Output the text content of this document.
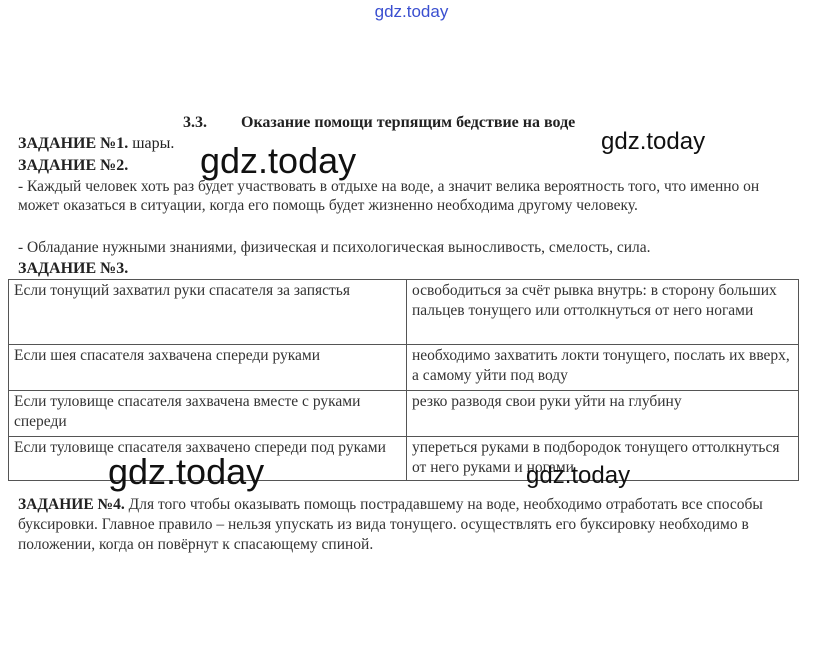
gdz.today
gdz.today	gdz.today
gdz.today	gdz.today
3.3. Оказание помощи терпящим бедствие на воде
ЗАДАНИЕ №1. шары.
ЗАДАНИЕ №2.
- Каждый человек хоть раз будет участвовать в отдыхе на воде, а значит велика вероятность того, что именно он может оказаться в ситуации, когда его помощь будет жизненно необходима другому человеку.
- Обладание нужными знаниями, физическая и психологическая выносливость, смелость, сила.
ЗАДАНИЕ №3.
Если тонущий захватил руки спасателя за запястья	освободиться за счёт рывка внутрь: в сторону больших пальцев тонущего или оттолкнуться от него ногами
Если шея спасателя захвачена спереди руками	необходимо захватить локти тонущего, послать их вверх, а самому уйти под воду
Если туловище спасателя захвачена вместе с руками спереди	резко разводя свои руки уйти на глубину
Если туловище спасателя захвачено спереди под руками	упереться руками в подбородок тонущего оттолкнуться от него руками и ногами
ЗАДАНИЕ №4. Для того чтобы оказывать помощь пострадавшему на воде, необходимо отработать все способы буксировки. Главное правило – нельзя упускать из вида тонущего. осуществлять его буксировку необходимо в положении, когда он повёрнут к спасающему спиной.
